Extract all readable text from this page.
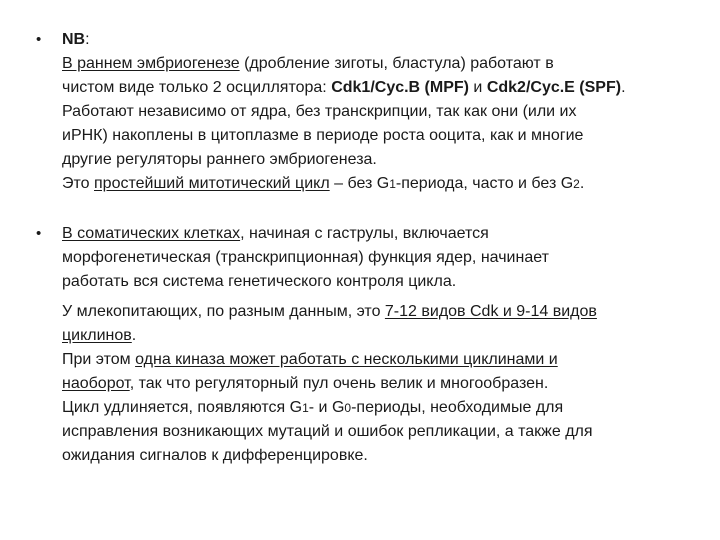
•	NB:
В раннем эмбриогенезе (дробление зиготы, бластула) работают в
чистом виде только 2 осциллятора: Cdk1/Cyc.B (MPF) и Cdk2/Cyc.E (SPF).
Работают независимо от ядра, без транскрипции, так как они (или их
иРНК) накоплены в цитоплазме в периоде роста ооцита, как и многие
другие регуляторы раннего эмбриогенеза.
Это простейший митотический цикл – без G1-периода, часто и без G2.
•	В соматических клетках, начиная с гаструлы, включается
морфогенетическая (транскрипционная) функция ядер, начинает
работать вся система генетического контроля цикла.
У млекопитающих, по разным данным, это 7-12 видов Cdk и 9-14 видов
циклинов.
При этом одна киназа может работать с несколькими циклинами и
наоборот, так что регуляторный пул очень велик и многообразен.
Цикл удлиняется, появляются G1- и G0-периоды, необходимые для
исправления возникающих мутаций и ошибок репликации, а также для
ожидания сигналов к дифференцировке.
